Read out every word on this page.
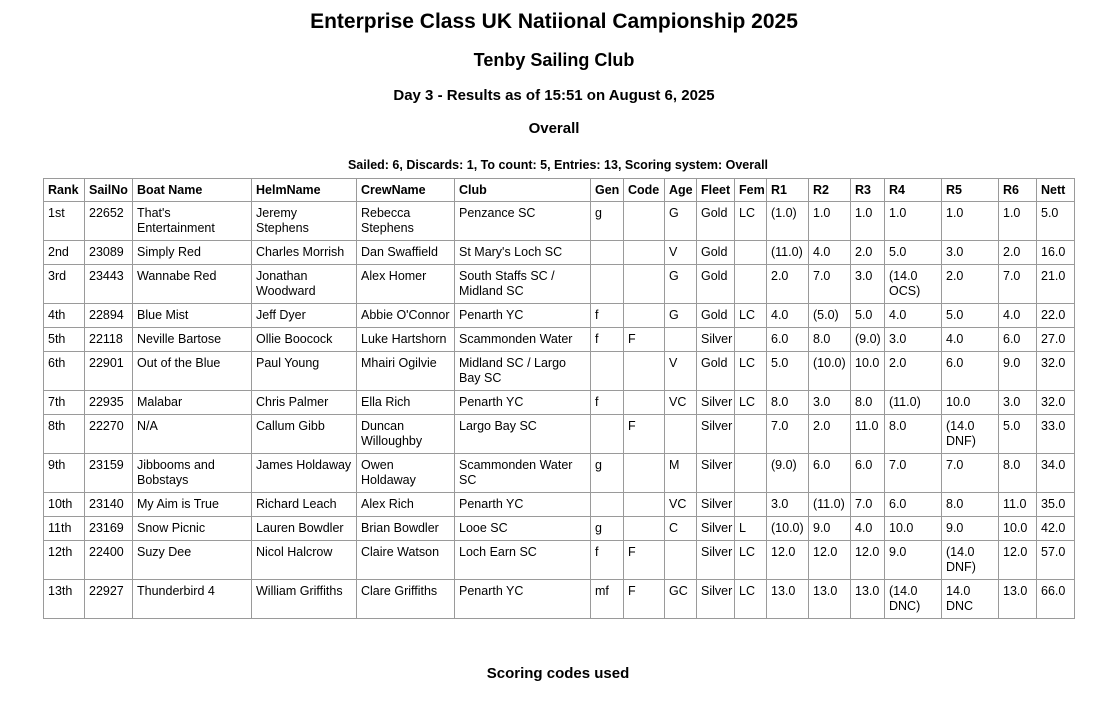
Enterprise Class UK Natiional Campionship 2025
Tenby Sailing Club
Day 3 - Results as of 15:51 on August 6, 2025
Overall
Sailed: 6, Discards: 1, To count: 5, Entries: 13, Scoring system: Overall
Rank	SailNo	Boat Name	HelmName	CrewName	Club	Gen	Code	Age	Fleet	Fem	R1	R2	R3	R4	R5	R6	Nett
1st	22652	That's Entertainment	Jeremy Stephens	Rebecca Stephens	Penzance SC	g		G	Gold	LC	(1.0)	1.0	1.0	1.0	1.0	1.0	5.0
2nd	23089	Simply Red	Charles Morrish	Dan Swaffield	St Mary's Loch SC			V	Gold		(11.0)	4.0	2.0	5.0	3.0	2.0	16.0
3rd	23443	Wannabe Red	Jonathan Woodward	Alex Homer	South Staffs SC / Midland SC			G	Gold		2.0	7.0	3.0	(14.0 OCS)	2.0	7.0	21.0
4th	22894	Blue Mist	Jeff Dyer	Abbie O'Connor	Penarth YC	f		G	Gold	LC	4.0	(5.0)	5.0	4.0	5.0	4.0	22.0
5th	22118	Neville Bartose	Ollie Boocock	Luke Hartshorn	Scammonden Water	f	F		Silver		6.0	8.0	(9.0)	3.0	4.0	6.0	27.0
6th	22901	Out of the Blue	Paul Young	Mhairi Ogilvie	Midland SC / Largo Bay SC			V	Gold	LC	5.0	(10.0)	10.0	2.0	6.0	9.0	32.0
7th	22935	Malabar	Chris Palmer	Ella Rich	Penarth YC	f		VC	Silver	LC	8.0	3.0	8.0	(11.0)	10.0	3.0	32.0
8th	22270	N/A	Callum Gibb	Duncan Willoughby	Largo Bay SC		F		Silver		7.0	2.0	11.0	8.0	(14.0 DNF)	5.0	33.0
9th	23159	Jibbooms and Bobstays	James Holdaway	Owen Holdaway	Scammonden Water SC	g		M	Silver		(9.0)	6.0	6.0	7.0	7.0	8.0	34.0
10th	23140	My Aim is True	Richard Leach	Alex Rich	Penarth YC			VC	Silver		3.0	(11.0)	7.0	6.0	8.0	11.0	35.0
11th	23169	Snow Picnic	Lauren Bowdler	Brian Bowdler	Looe SC	g		C	Silver	L	(10.0)	9.0	4.0	10.0	9.0	10.0	42.0
12th	22400	Suzy Dee	Nicol Halcrow	Claire Watson	Loch Earn SC	f	F		Silver	LC	12.0	12.0	12.0	9.0	(14.0 DNF)	12.0	57.0
13th	22927	Thunderbird 4	William Griffiths	Clare Griffiths	Penarth YC	mf	F	GC	Silver	LC	13.0	13.0	13.0	(14.0 DNC)	14.0 DNC	13.0	66.0
Scoring codes used
